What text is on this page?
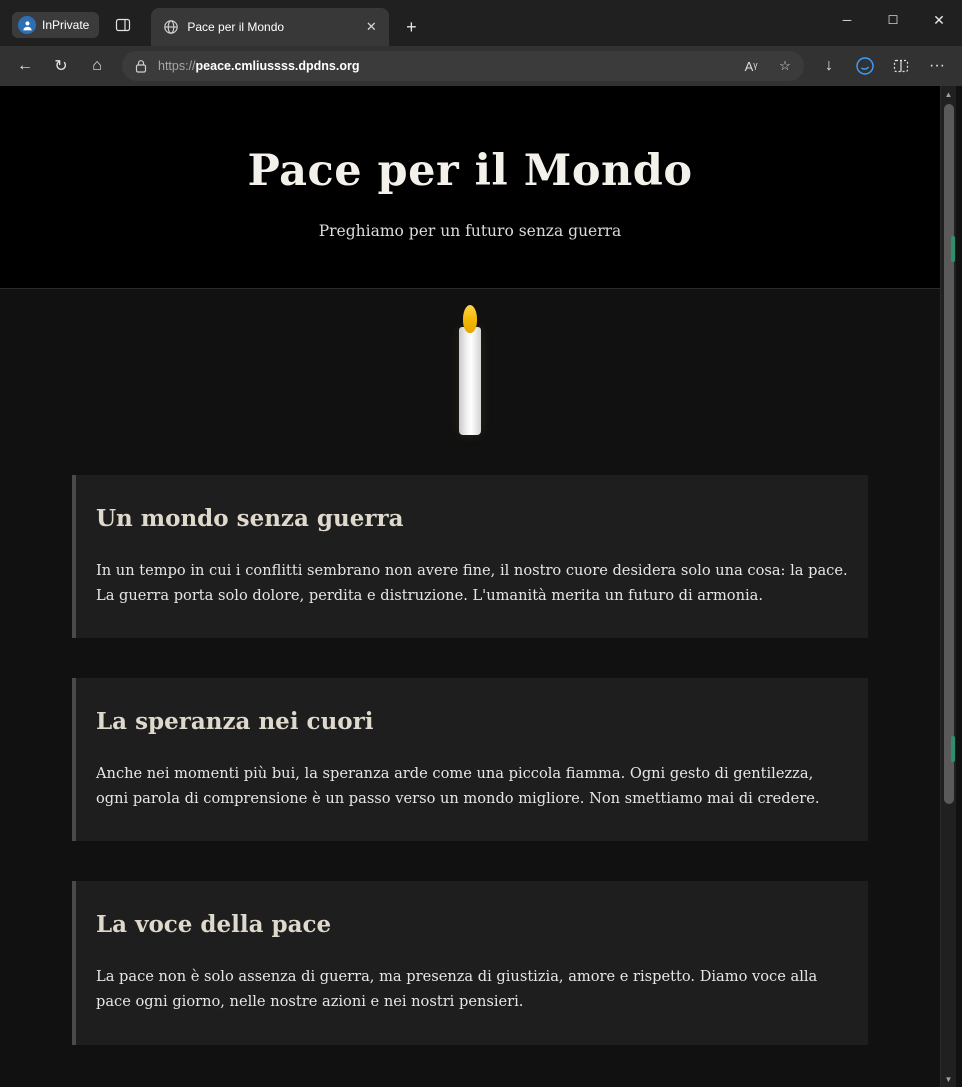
InPrivate	Pace per il Mondo	✕	+	─	☐	✕
←	↻	⌂	https://peace.cmliussss.dpdns.org	Aᵞ	☆	↓	···
Pace per il Mondo

Preghiamo per un futuro senza guerra

Un mondo senza guerra

In un tempo in cui i conflitti sembrano non avere fine, il nostro cuore desidera solo una cosa: la pace. La guerra porta solo dolore, perdita e distruzione. L'umanità merita un futuro di armonia.

La speranza nei cuori

Anche nei momenti più bui, la speranza arde come una piccola fiamma. Ogni gesto di gentilezza, ogni parola di comprensione è un passo verso un mondo migliore. Non smettiamo mai di credere.

La voce della pace

La pace non è solo assenza di guerra, ma presenza di giustizia, amore e rispetto. Diamo voce alla pace ogni giorno, nelle nostre azioni e nei nostri pensieri.

▲
▼
